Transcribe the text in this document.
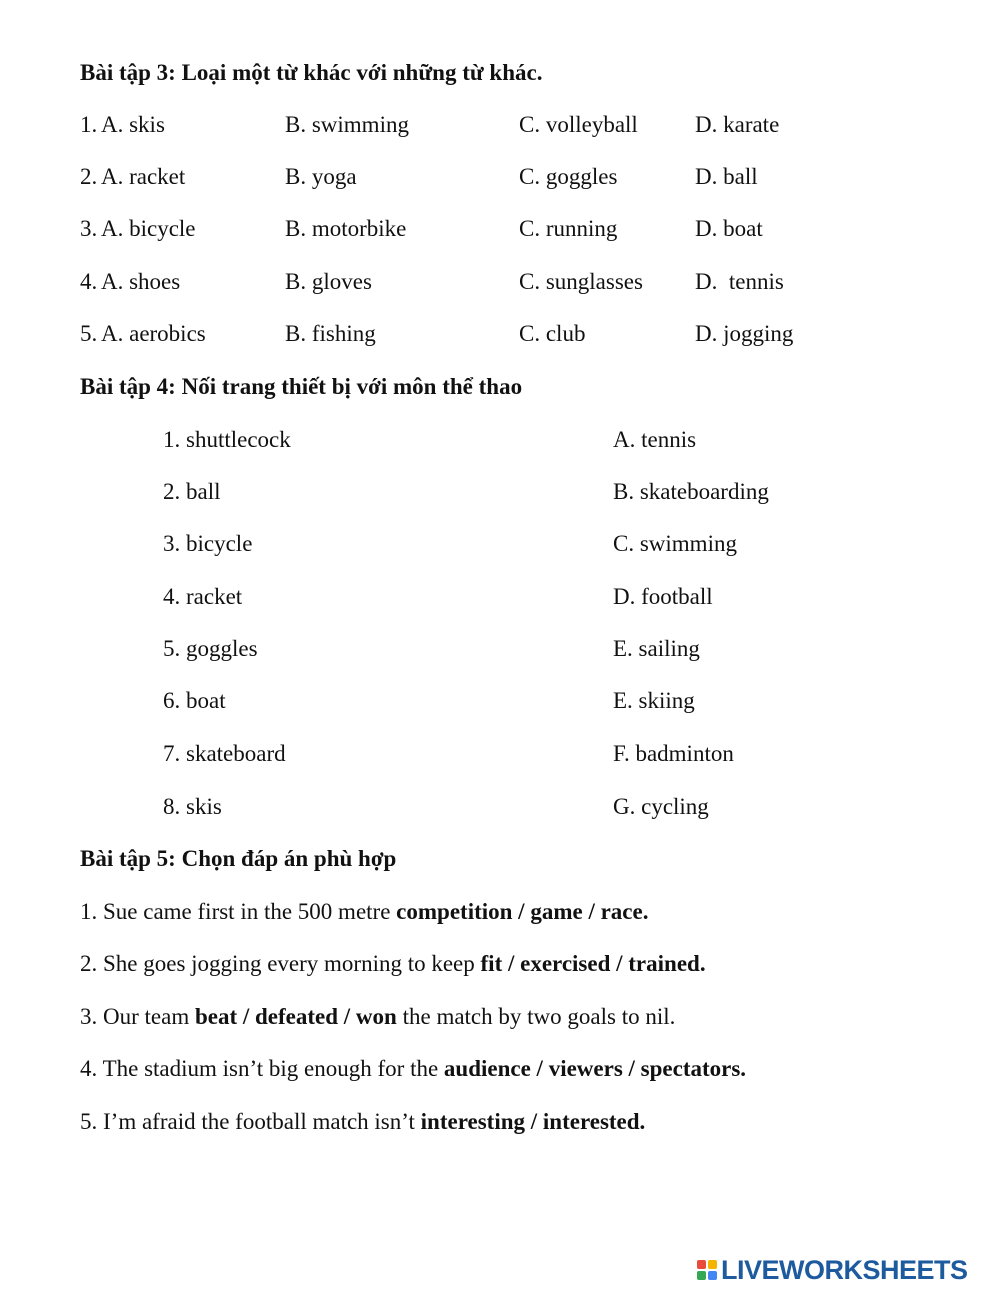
Bài tập 3: Loại một từ khác với những từ khác.
1. A. skis	B. swimming	C. volleyball D. karate
2. A. racket	B. yoga	C. goggles	D. ball
3. A. bicycle	B. motorbike	C. running	D. boat
4. A. shoes	B. gloves	C. sunglasses D.  tennis
5. A. aerobics	B. fishing	C. club	D. jogging
Bài tập 4: Nối trang thiết bị với môn thể thao
1. shuttlecock	A. tennis
2. ball	B. skateboarding
3. bicycle	C. swimming
4. racket	D. football
5. goggles	E. sailing
6. boat	E. skiing
7. skateboard	F. badminton
8. skis	G. cycling
Bài tập 5: Chọn đáp án phù hợp
1. Sue came first in the 500 metre competition / game / race.
2. She goes jogging every morning to keep fit / exercised / trained.
3. Our team beat / defeated / won the match by two goals to nil.
4. The stadium isn’t big enough for the audience / viewers / spectators.
5. I’m afraid the football match isn’t interesting / interested.
LIVEWORKSHEETS
